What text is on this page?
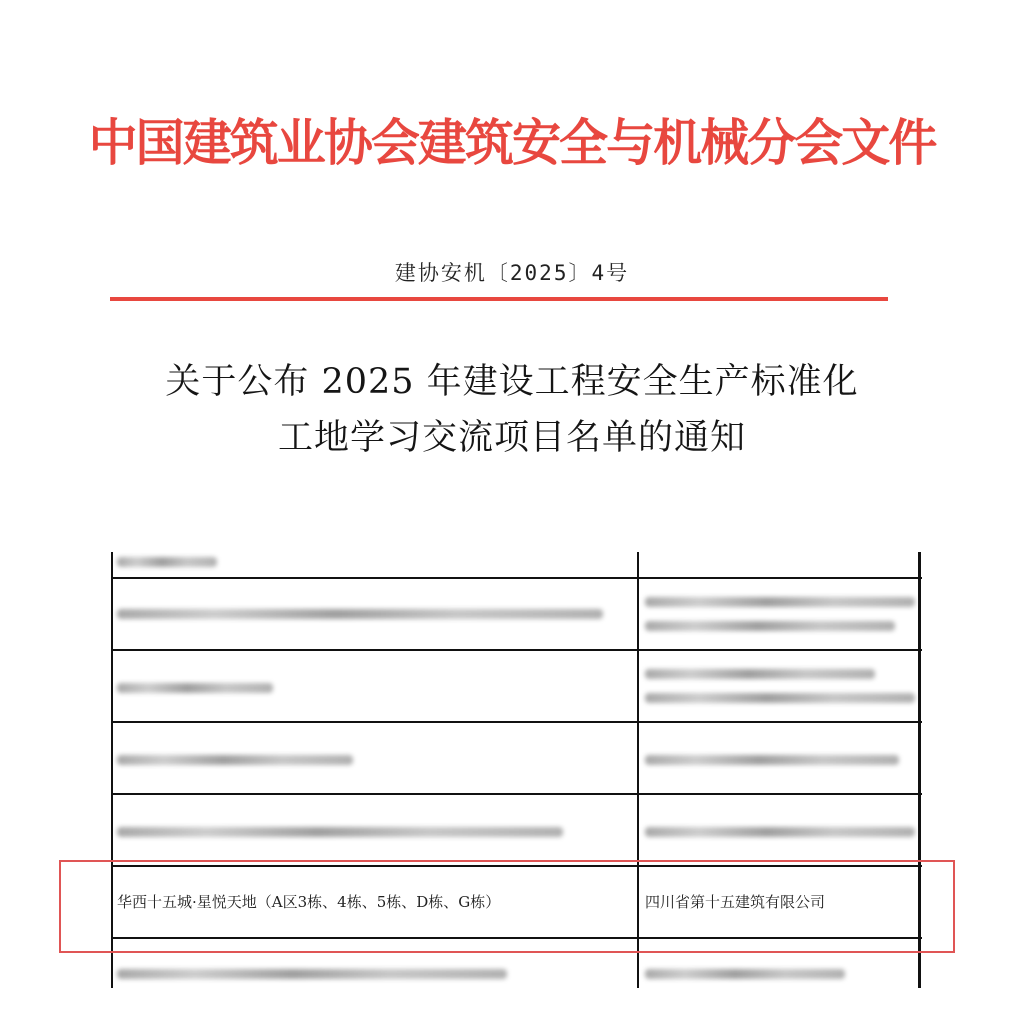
中国建筑业协会建筑安全与机械分会文件
建协安机〔2025〕4号
关于公布 2025 年建设工程安全生产标准化
工地学习交流项目名单的通知
华西十五城·星悦天地（A区3栋、4栋、5栋、D栋、G栋）	四川省第十五建筑有限公司
